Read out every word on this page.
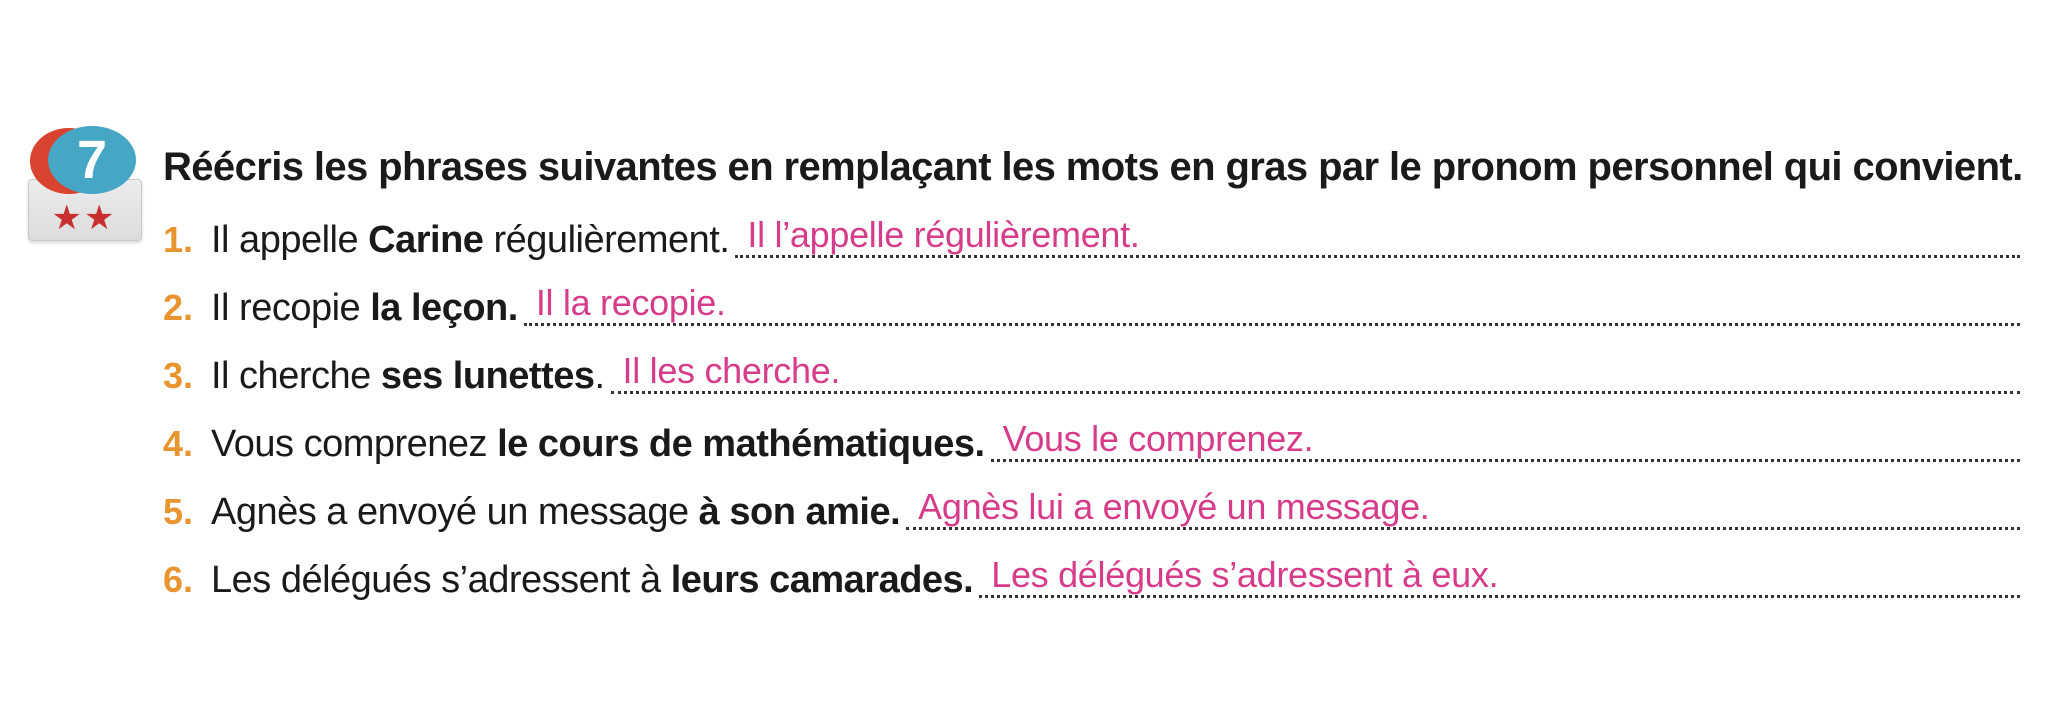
7
★★
Réécris les phrases suivantes en remplaçant les mots en gras par le pronom personnel qui convient.
1. Il appelle Carine régulièrement. Il l’appelle régulièrement.
2. Il recopie la leçon. Il la recopie.
3. Il cherche ses lunettes. Il les cherche.
4. Vous comprenez le cours de mathématiques. Vous le comprenez.
5. Agnès a envoyé un message à son amie. Agnès lui a envoyé un message.
6. Les délégués s’adressent à leurs camarades. Les délégués s’adressent à eux.
